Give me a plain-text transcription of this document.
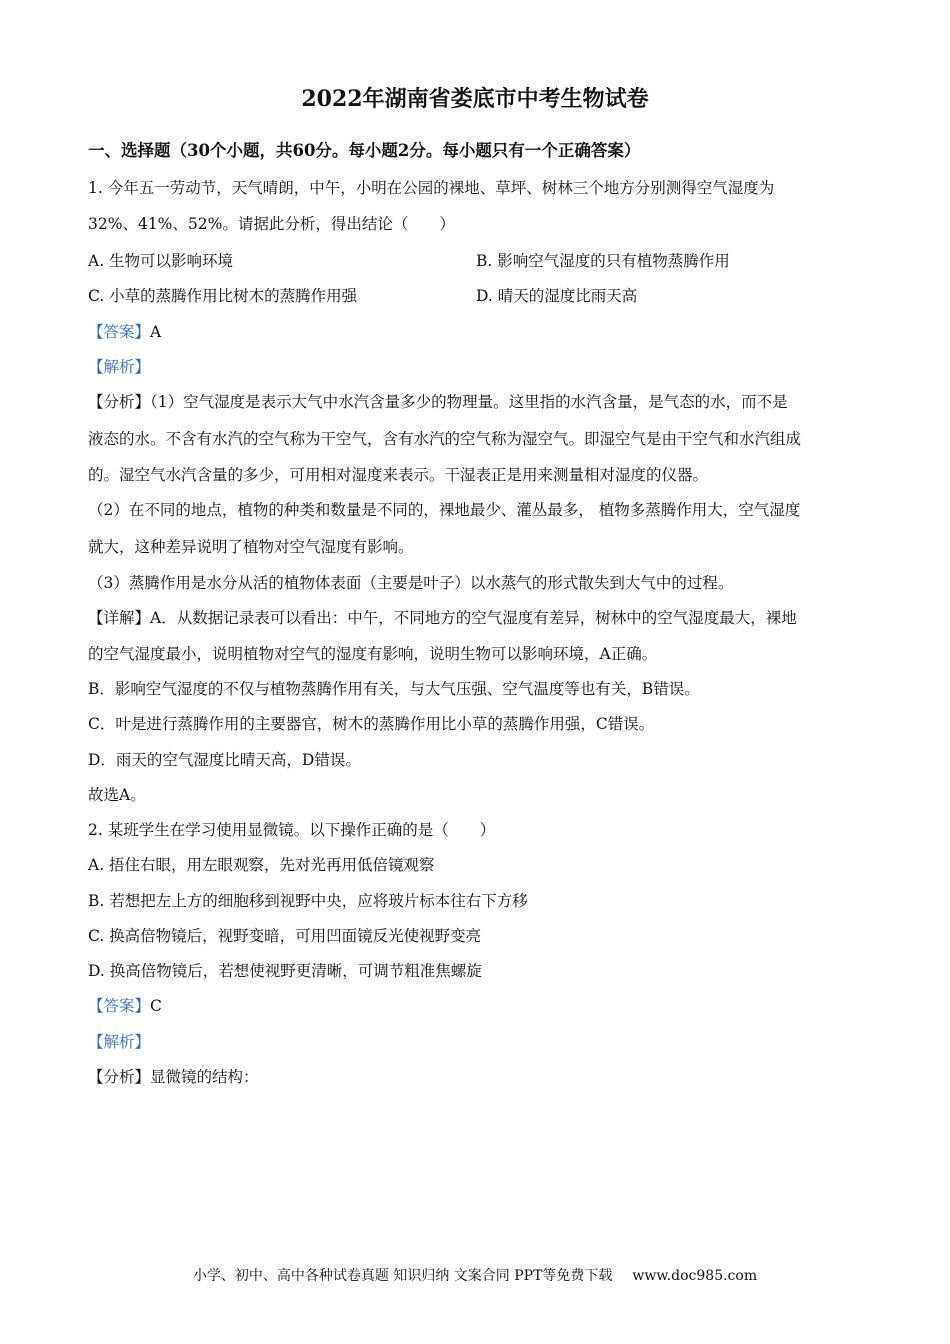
2022年湖南省娄底市中考生物试卷
一、选择题（30个小题，共60分。每小题2分。每小题只有一个正确答案）
1. 今年五一劳动节，天气晴朗，中午，小明在公园的裸地、草坪、树林三个地方分别测得空气湿度为
32%、41%、52%。请据此分析，得出结论（　　）
A. 生物可以影响环境	B. 影响空气湿度的只有植物蒸腾作用
C. 小草的蒸腾作用比树木的蒸腾作用强	D. 晴天的湿度比雨天高
【答案】A
【解析】
【分析】（1）空气湿度是表示大气中水汽含量多少的物理量。这里指的水汽含量，是气态的水，而不是
液态的水。不含有水汽的空气称为干空气，含有水汽的空气称为湿空气。即湿空气是由干空气和水汽组成
的。湿空气水汽含量的多少，可用相对湿度来表示。干湿表正是用来测量相对湿度的仪器。
（2）在不同的地点，植物的种类和数量是不同的，裸地最少、灌丛最多， 植物多蒸腾作用大，空气湿度
就大，这种差异说明了植物对空气湿度有影响。
（3）蒸腾作用是水分从活的植物体表面（主要是叶子）以水蒸气的形式散失到大气中的过程。
【详解】A．从数据记录表可以看出：中午，不同地方的空气湿度有差异，树林中的空气湿度最大，裸地
的空气湿度最小，说明植物对空气的湿度有影响，说明生物可以影响环境，A正确。
B．影响空气湿度的不仅与植物蒸腾作用有关，与大气压强、空气温度等也有关，B错误。
C．叶是进行蒸腾作用的主要器官，树木的蒸腾作用比小草的蒸腾作用强，C错误。
D．雨天的空气湿度比晴天高，D错误。
故选A。
2. 某班学生在学习使用显微镜。以下操作正确的是（　　）
A. 捂住右眼，用左眼观察，先对光再用低倍镜观察
B. 若想把左上方的细胞移到视野中央，应将玻片标本往右下方移
C. 换高倍物镜后，视野变暗，可用凹面镜反光使视野变亮
D. 换高倍物镜后，若想使视野更清晰，可调节粗准焦螺旋
【答案】C
【解析】
【分析】显微镜的结构：
小学、初中、高中各种试卷真题 知识归纳 文案合同 PPT等免费下载 www.doc985.com
